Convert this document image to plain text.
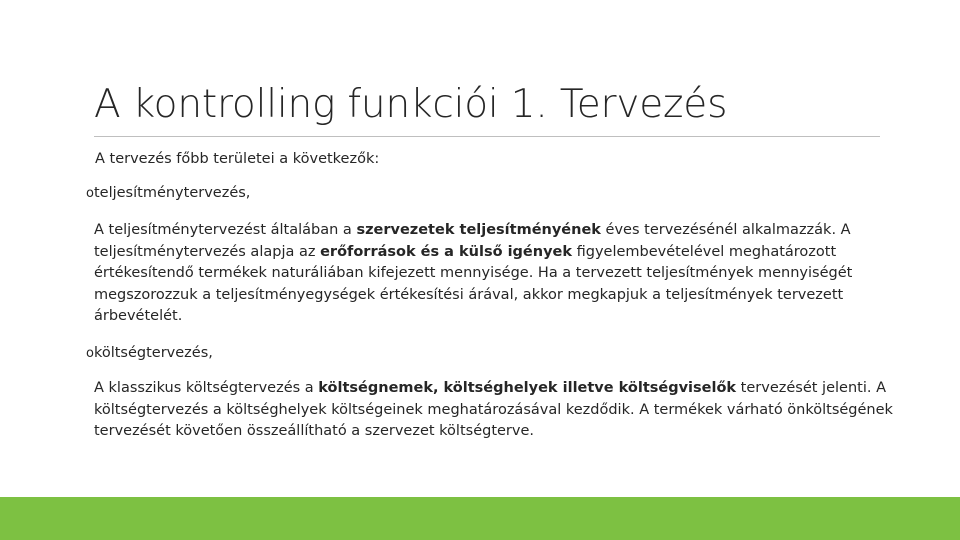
A kontrolling funkciói 1. Tervezés
A tervezés főbb területei a következők:
oteljesítménytervezés,
A teljesítménytervezést általában a szervezetek teljesítményének éves tervezésénél alkalmazzák. A teljesítménytervezés alapja az erőforrások és a külső igények figyelembevételével meghatározott értékesítendő termékek naturáliában kifejezett mennyisége. Ha a tervezett teljesítmények mennyiségét megszorozzuk a teljesítményegységek értékesítési árával, akkor megkapjuk a teljesítmények tervezett árbevételét.
oköltségtervezés,
A klasszikus költségtervezés a költségnemek, költséghelyek illetve költségviselők tervezését jelenti. A költségtervezés a költséghelyek költségeinek meghatározásával kezdődik. A termékek várható önköltségének tervezését követően összeállítható a szervezet költségterve.
